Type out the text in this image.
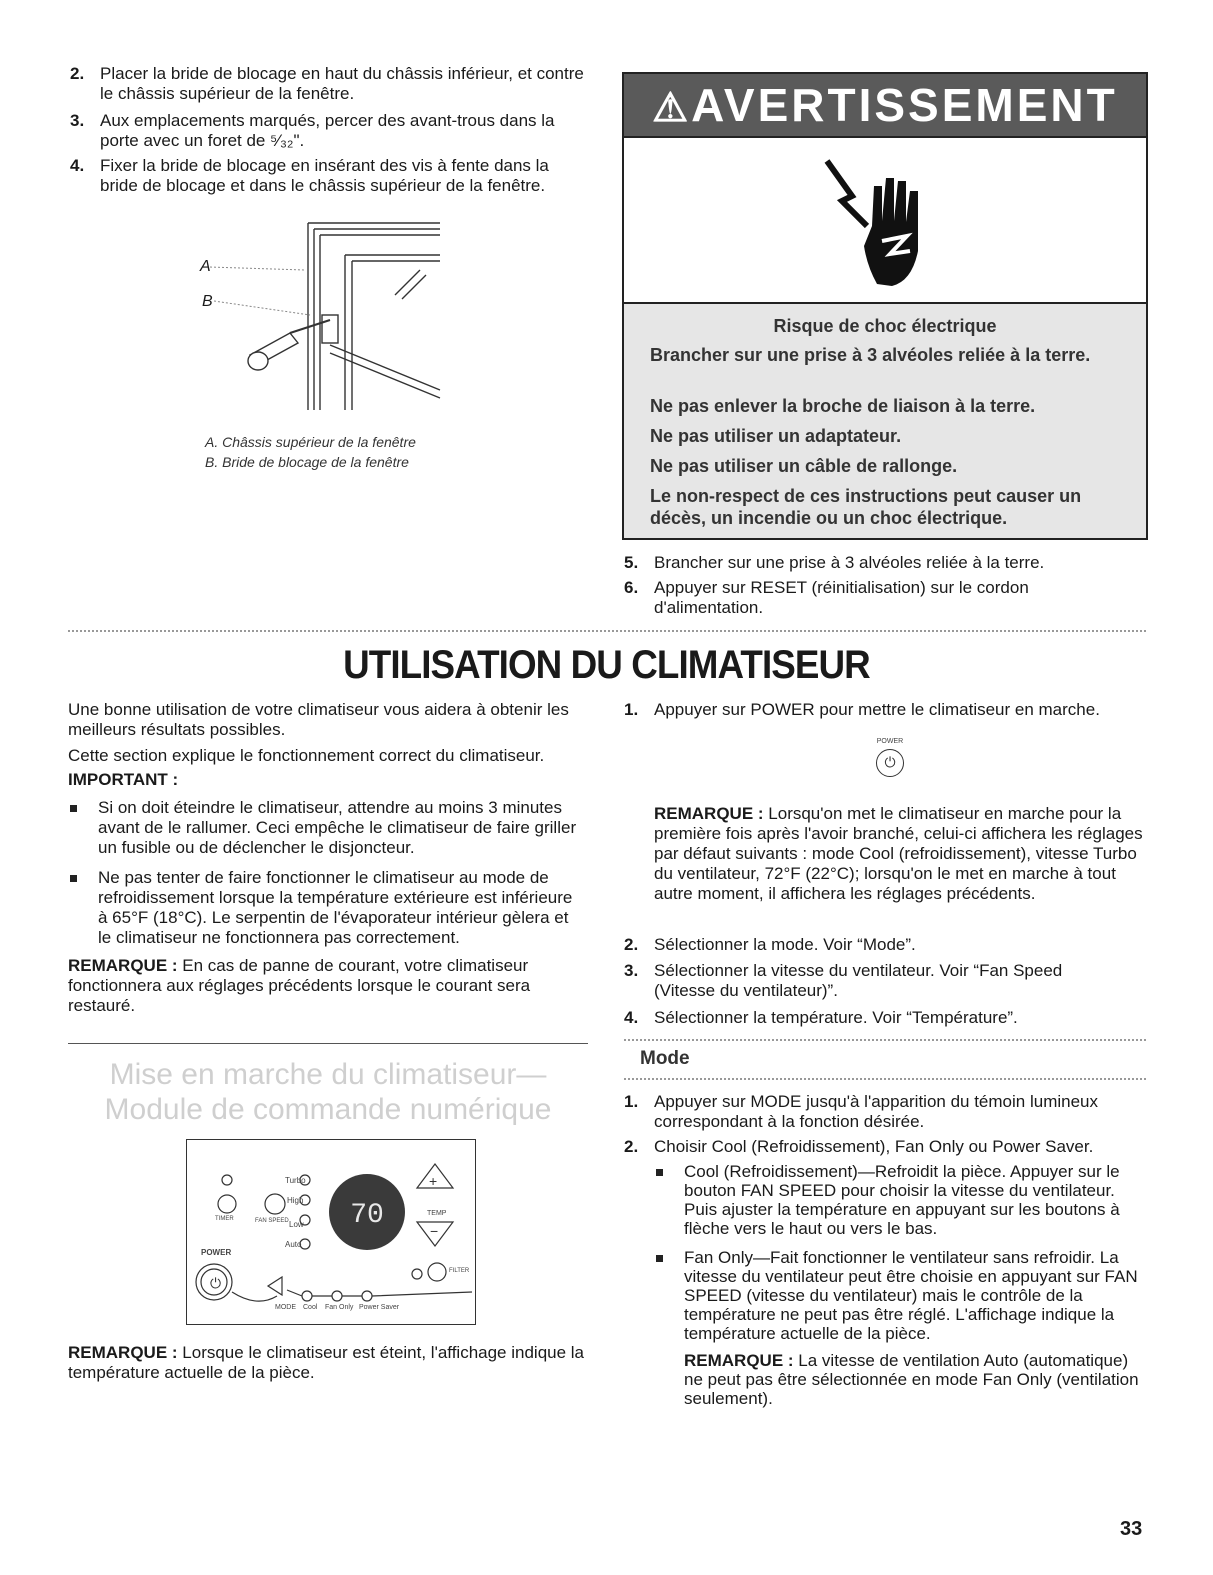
2. Placer la bride de blocage en haut du châssis inférieur, et contre le châssis supérieur de la fenêtre.
3. Aux emplacements marqués, percer des avant-trous dans la porte avec un foret de ⁵⁄₃₂".
4. Fixer la bride de blocage en insérant des vis à fente dans la bride de blocage et dans le châssis supérieur de la fenêtre.
A
B
A. Châssis supérieur de la fenêtre
B. Bride de blocage de la fenêtre
⚠AVERTISSEMENT
Risque de choc électrique
Brancher sur une prise à 3 alvéoles reliée à la terre.
Ne pas enlever la broche de liaison à la terre.
Ne pas utiliser un adaptateur.
Ne pas utiliser un câble de rallonge.
Le non-respect de ces instructions peut causer un décès, un incendie ou un choc électrique.
5. Brancher sur une prise à 3 alvéoles reliée à la terre.
6. Appuyer sur RESET (réinitialisation) sur le cordon d'alimentation.
UTILISATION DU CLIMATISEUR

Une bonne utilisation de votre climatiseur vous aidera à obtenir les meilleurs résultats possibles.

Cette section explique le fonctionnement correct du climatiseur.

IMPORTANT :

Si on doit éteindre le climatiseur, attendre au moins 3 minutes avant de le rallumer. Ceci empêche le climatiseur de faire griller un fusible ou de déclencher le disjoncteur.
Ne pas tenter de faire fonctionner le climatiseur au mode de refroidissement lorsque la température extérieure est inférieure à 65°F (18°C). Le serpentin de l'évaporateur intérieur gèlera et le climatiseur ne fonctionnera pas correctement.

REMARQUE : En cas de panne de courant, votre climatiseur fonctionnera aux réglages précédents lorsque le courant sera restauré.

Mise en marche du climatiseur—
Module de commande numérique
70
+
−
⏻
Turbo
High
Low
Auto
TIMER	FAN SPEED
POWER
TEMP
MODE Cool Fan Only Power Saver
FILTER

REMARQUE : Lorsque le climatiseur est éteint, l'affichage indique la température actuelle de la pièce.

1. Appuyer sur POWER pour mettre le climatiseur en marche.
POWER
⏻

REMARQUE : Lorsqu'on met le climatiseur en marche pour la première fois après l'avoir branché, celui-ci affichera les réglages par défaut suivants : mode Cool (refroidissement), vitesse Turbo du ventilateur, 72°F (22°C); lorsqu'on le met en marche à tout autre moment, il affichera les réglages précédents.

2. Sélectionner la mode. Voir “Mode”.
3. Sélectionner la vitesse du ventilateur. Voir “Fan Speed (Vitesse du ventilateur)”.
4. Sélectionner la température. Voir “Température”.
Mode
1. Appuyer sur MODE jusqu'à l'apparition du témoin lumineux correspondant à la fonction désirée.
2. Choisir Cool (Refroidissement), Fan Only ou Power Saver.
Cool (Refroidissement)—Refroidit la pièce. Appuyer sur le bouton FAN SPEED pour choisir la vitesse du ventilateur. Puis ajuster la température en appuyant sur les boutons à flèche vers le haut ou vers le bas.
Fan Only—Fait fonctionner le ventilateur sans refroidir. La vitesse du ventilateur peut être choisie en appuyant sur FAN SPEED (vitesse du ventilateur) mais le contrôle de la température ne peut pas être réglé. L'affichage indique la température actuelle de la pièce.

REMARQUE : La vitesse de ventilation Auto (automatique) ne peut pas être sélectionnée en mode Fan Only (ventilation seulement).

33
